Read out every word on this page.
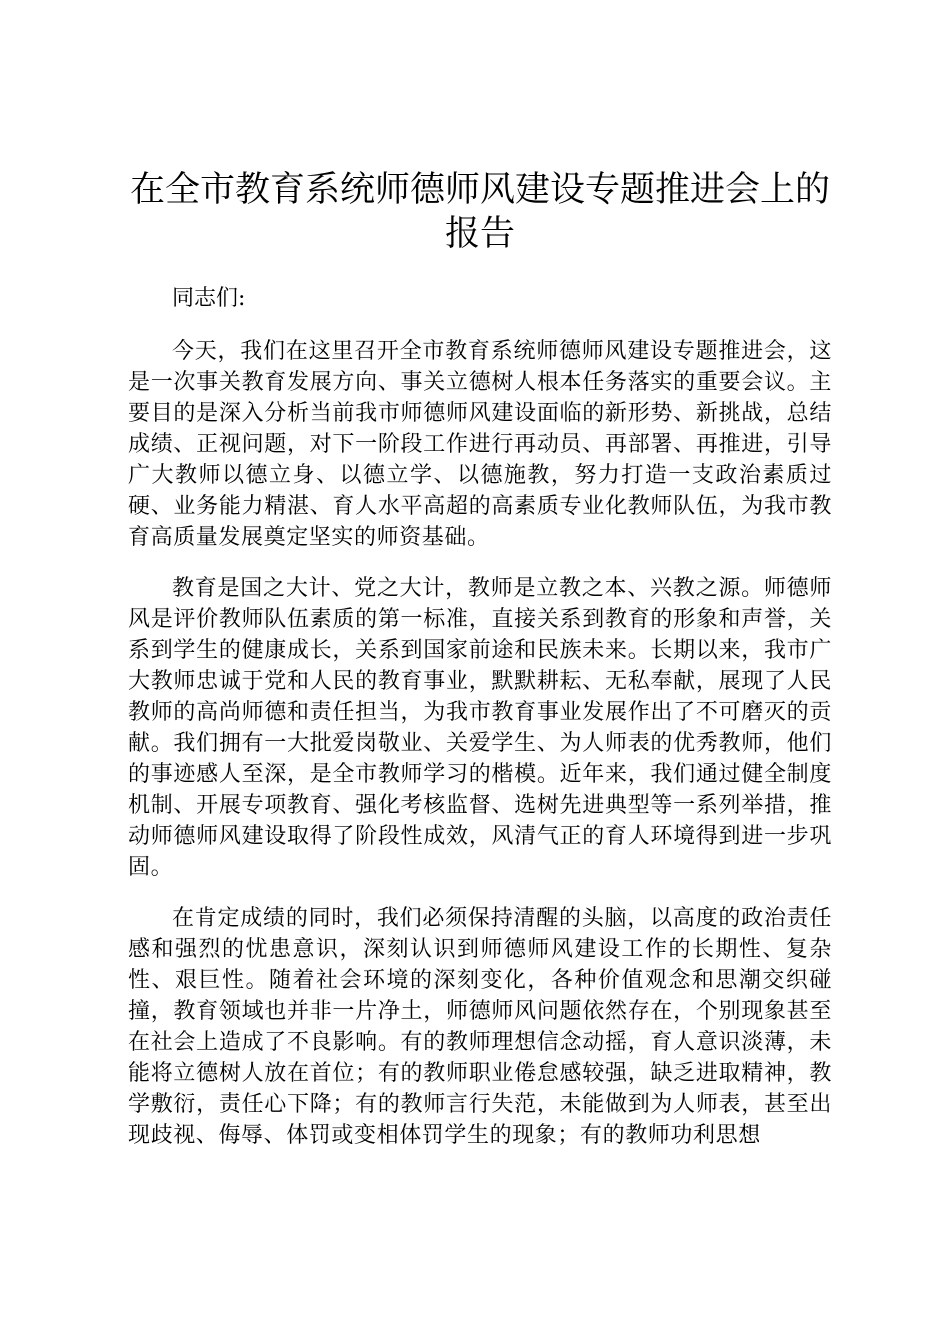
在全市教育系统师德师风建设专题推进会上的报告

同志们:

今天，我们在这里召开全市教育系统师德师风建设专题推进会，这是一次事关教育发展方向、事关立德树人根本任务落实的重要会议。主要目的是深入分析当前我市师德师风建设面临的新形势、新挑战，总结成绩、正视问题，对下一阶段工作进行再动员、再部署、再推进，引导广大教师以德立身、以德立学、以德施教，努力打造一支政治素质过硬、业务能力精湛、育人水平高超的高素质专业化教师队伍，为我市教育高质量发展奠定坚实的师资基础。

教育是国之大计、党之大计，教师是立教之本、兴教之源。师德师风是评价教师队伍素质的第一标准，直接关系到教育的形象和声誉，关系到学生的健康成长，关系到国家前途和民族未来。长期以来，我市广大教师忠诚于党和人民的教育事业，默默耕耘、无私奉献，展现了人民教师的高尚师德和责任担当，为我市教育事业发展作出了不可磨灭的贡献。我们拥有一大批爱岗敬业、关爱学生、为人师表的优秀教师，他们的事迹感人至深，是全市教师学习的楷模。近年来，我们通过健全制度机制、开展专项教育、强化考核监督、选树先进典型等一系列举措，推动师德师风建设取得了阶段性成效，风清气正的育人环境得到进一步巩固。

在肯定成绩的同时，我们必须保持清醒的头脑，以高度的政治责任感和强烈的忧患意识，深刻认识到师德师风建设工作的长期性、复杂性、艰巨性。随着社会环境的深刻变化，各种价值观念和思潮交织碰撞，教育领域也并非一片净土，师德师风问题依然存在，个别现象甚至在社会上造成了不良影响。有的教师理想信念动摇，育人意识淡薄，未能将立德树人放在首位；有的教师职业倦怠感较强，缺乏进取精神，教学敷衍，责任心下降；有的教师言行失范，未能做到为人师表，甚至出现歧视、侮辱、体罚或变相体罚学生的现象；有的教师功利思想
